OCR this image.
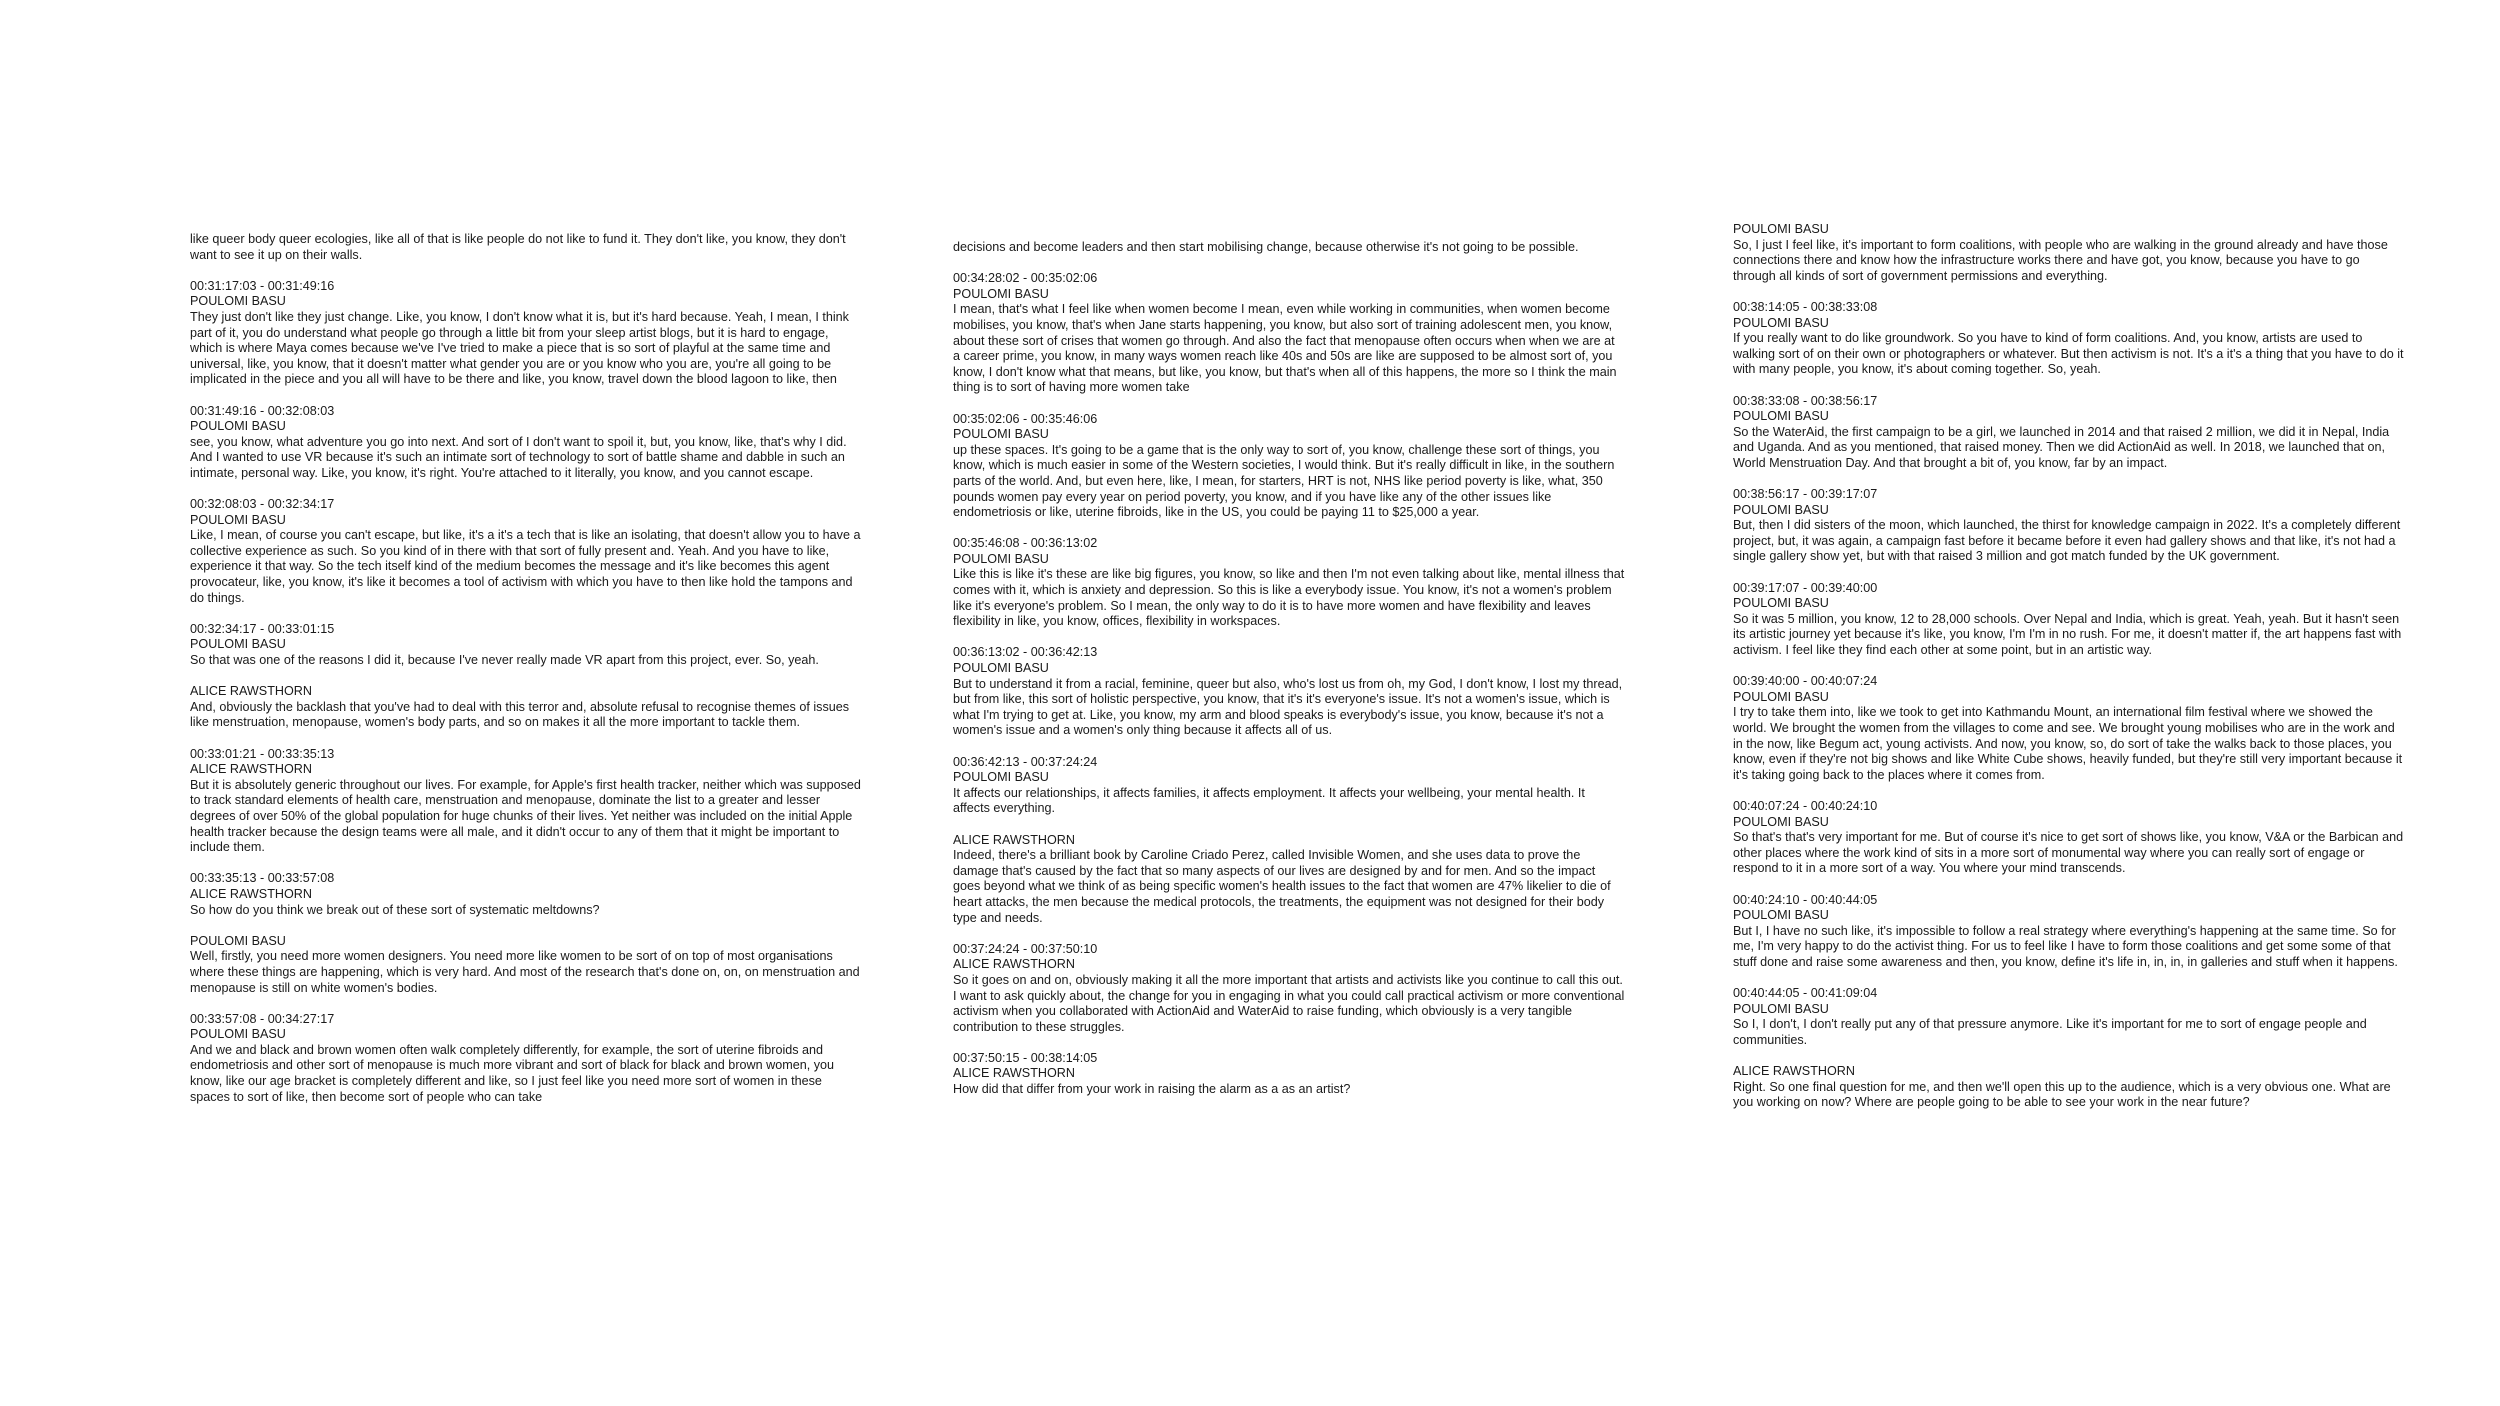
like queer body queer ecologies, like all of that is like people do not like to fund it. They don't like, you know, they don't want to see it up on their walls.

00:31:17:03 - 00:31:49:16
POULOMI BASU

They just don't like they just change. Like, you know, I don't know what it is, but it's hard because. Yeah, I mean, I think part of it, you do understand what people go through a little bit from your sleep artist blogs, but it is hard to engage, which is where Maya comes because we've I've tried to make a piece that is so sort of playful at the same time and universal, like, you know, that it doesn't matter what gender you are or you know who you are, you're all going to be implicated in the piece and you all will have to be there and like, you know, travel down the blood lagoon to like, then

00:31:49:16 - 00:32:08:03
POULOMI BASU

see, you know, what adventure you go into next. And sort of I don't want to spoil it, but, you know, like, that's why I did. And I wanted to use VR because it's such an intimate sort of technology to sort of battle shame and dabble in such an intimate, personal way. Like, you know, it's right. You're attached to it literally, you know, and you cannot escape.

00:32:08:03 - 00:32:34:17
POULOMI BASU

Like, I mean, of course you can't escape, but like, it's a it's a tech that is like an isolating, that doesn't allow you to have a collective experience as such. So you kind of in there with that sort of fully present and. Yeah. And you have to like, experience it that way. So the tech itself kind of the medium becomes the message and it's like becomes this agent provocateur, like, you know, it's like it becomes a tool of activism with which you have to then like hold the tampons and do things.

00:32:34:17 - 00:33:01:15
POULOMI BASU

So that was one of the reasons I did it, because I've never really made VR apart from this project, ever. So, yeah.

ALICE RAWSTHORN

And, obviously the backlash that you've had to deal with this terror and, absolute refusal to recognise themes of issues like menstruation, menopause, women's body parts, and so on makes it all the more important to tackle them.

00:33:01:21 - 00:33:35:13
ALICE RAWSTHORN

But it is absolutely generic throughout our lives. For example, for Apple's first health tracker, neither which was supposed to track standard elements of health care, menstruation and menopause, dominate the list to a greater and lesser degrees of over 50% of the global population for huge chunks of their lives. Yet neither was included on the initial Apple health tracker because the design teams were all male, and it didn't occur to any of them that it might be important to include them.

00:33:35:13 - 00:33:57:08
ALICE RAWSTHORN

So how do you think we break out of these sort of systematic meltdowns?

POULOMI BASU

Well, firstly, you need more women designers. You need more like women to be sort of on top of most organisations where these things are happening, which is very hard. And most of the research that's done on, on, on menstruation and menopause is still on white women's bodies.

00:33:57:08 - 00:34:27:17
POULOMI BASU

And we and black and brown women often walk completely differently, for example, the sort of uterine fibroids and endometriosis and other sort of menopause is much more vibrant and sort of black for black and brown women, you know, like our age bracket is completely different and like, so I just feel like you need more sort of women in these spaces to sort of like, then become sort of people who can take

decisions and become leaders and then start mobilising change, because otherwise it's not going to be possible.

00:34:28:02 - 00:35:02:06
POULOMI BASU

I mean, that's what I feel like when women become I mean, even while working in communities, when women become mobilises, you know, that's when Jane starts happening, you know, but also sort of training adolescent men, you know, about these sort of crises that women go through. And also the fact that menopause often occurs when when we are at a career prime, you know, in many ways women reach like 40s and 50s are like are supposed to be almost sort of, you know, I don't know what that means, but like, you know, but that's when all of this happens, the more so I think the main thing is to sort of having more women take

00:35:02:06 - 00:35:46:06
POULOMI BASU

up these spaces. It's going to be a game that is the only way to sort of, you know, challenge these sort of things, you know, which is much easier in some of the Western societies, I would think. But it's really difficult in like, in the southern parts of the world. And, but even here, like, I mean, for starters, HRT is not, NHS like period poverty is like, what, 350 pounds women pay every year on period poverty, you know, and if you have like any of the other issues like endometriosis or like, uterine fibroids, like in the US, you could be paying 11 to $25,000 a year.

00:35:46:08 - 00:36:13:02
POULOMI BASU

Like this is like it's these are like big figures, you know, so like and then I'm not even talking about like, mental illness that comes with it, which is anxiety and depression. So this is like a everybody issue. You know, it's not a women's problem like it's everyone's problem. So I mean, the only way to do it is to have more women and have flexibility and leaves flexibility in like, you know, offices, flexibility in workspaces.

00:36:13:02 - 00:36:42:13
POULOMI BASU

But to understand it from a racial, feminine, queer but also, who's lost us from oh, my God, I don't know, I lost my thread, but from like, this sort of holistic perspective, you know, that it's it's everyone's issue. It's not a women's issue, which is what I'm trying to get at. Like, you know, my arm and blood speaks is everybody's issue, you know, because it's not a women's issue and a women's only thing because it affects all of us.

00:36:42:13 - 00:37:24:24
POULOMI BASU

It affects our relationships, it affects families, it affects employment. It affects your wellbeing, your mental health. It affects everything.

ALICE RAWSTHORN

Indeed, there's a brilliant book by Caroline Criado Perez, called Invisible Women, and she uses data to prove the damage that's caused by the fact that so many aspects of our lives are designed by and for men. And so the impact goes beyond what we think of as being specific women's health issues to the fact that women are 47% likelier to die of heart attacks, the men because the medical protocols, the treatments, the equipment was not designed for their body type and needs.

00:37:24:24 - 00:37:50:10
ALICE RAWSTHORN

So it goes on and on, obviously making it all the more important that artists and activists like you continue to call this out. I want to ask quickly about, the change for you in engaging in what you could call practical activism or more conventional activism when you collaborated with ActionAid and WaterAid to raise funding, which obviously is a very tangible contribution to these struggles.

00:37:50:15 - 00:38:14:05
ALICE RAWSTHORN

How did that differ from your work in raising the alarm as a as an artist?

POULOMI BASU

So, I just I feel like, it's important to form coalitions, with people who are walking in the ground already and have those connections there and know how the infrastructure works there and have got, you know, because you have to go through all kinds of sort of government permissions and everything.

00:38:14:05 - 00:38:33:08
POULOMI BASU

If you really want to do like groundwork. So you have to kind of form coalitions. And, you know, artists are used to walking sort of on their own or photographers or whatever. But then activism is not. It's a it's a thing that you have to do it with many people, you know, it's about coming together. So, yeah.

00:38:33:08 - 00:38:56:17
POULOMI BASU

So the WaterAid, the first campaign to be a girl, we launched in 2014 and that raised 2 million, we did it in Nepal, India and Uganda. And as you mentioned, that raised money. Then we did ActionAid as well. In 2018, we launched that on, World Menstruation Day. And that brought a bit of, you know, far by an impact.

00:38:56:17 - 00:39:17:07
POULOMI BASU

But, then I did sisters of the moon, which launched, the thirst for knowledge campaign in 2022. It's a completely different project, but, it was again, a campaign fast before it became before it even had gallery shows and that like, it's not had a single gallery show yet, but with that raised 3 million and got match funded by the UK government.

00:39:17:07 - 00:39:40:00
POULOMI BASU

So it was 5 million, you know, 12 to 28,000 schools. Over Nepal and India, which is great. Yeah, yeah. But it hasn't seen its artistic journey yet because it's like, you know, I'm I'm in no rush. For me, it doesn't matter if, the art happens fast with activism. I feel like they find each other at some point, but in an artistic way.

00:39:40:00 - 00:40:07:24
POULOMI BASU

I try to take them into, like we took to get into Kathmandu Mount, an international film festival where we showed the world. We brought the women from the villages to come and see. We brought young mobilises who are in the work and in the now, like Begum act, young activists. And now, you know, so, do sort of take the walks back to those places, you know, even if they're not big shows and like White Cube shows, heavily funded, but they're still very important because it it's taking going back to the places where it comes from.

00:40:07:24 - 00:40:24:10
POULOMI BASU

So that's that's very important for me. But of course it's nice to get sort of shows like, you know, V&A or the Barbican and other places where the work kind of sits in a more sort of monumental way where you can really sort of engage or respond to it in a more sort of a way. You where your mind transcends.

00:40:24:10 - 00:40:44:05
POULOMI BASU

But I, I have no such like, it's impossible to follow a real strategy where everything's happening at the same time. So for me, I'm very happy to do the activist thing. For us to feel like I have to form those coalitions and get some some of that stuff done and raise some awareness and then, you know, define it's life in, in, in, in galleries and stuff when it happens.

00:40:44:05 - 00:41:09:04
POULOMI BASU

So I, I don't, I don't really put any of that pressure anymore. Like it's important for me to sort of engage people and communities.

ALICE RAWSTHORN

Right. So one final question for me, and then we'll open this up to the audience, which is a very obvious one. What are you working on now? Where are people going to be able to see your work in the near future?
